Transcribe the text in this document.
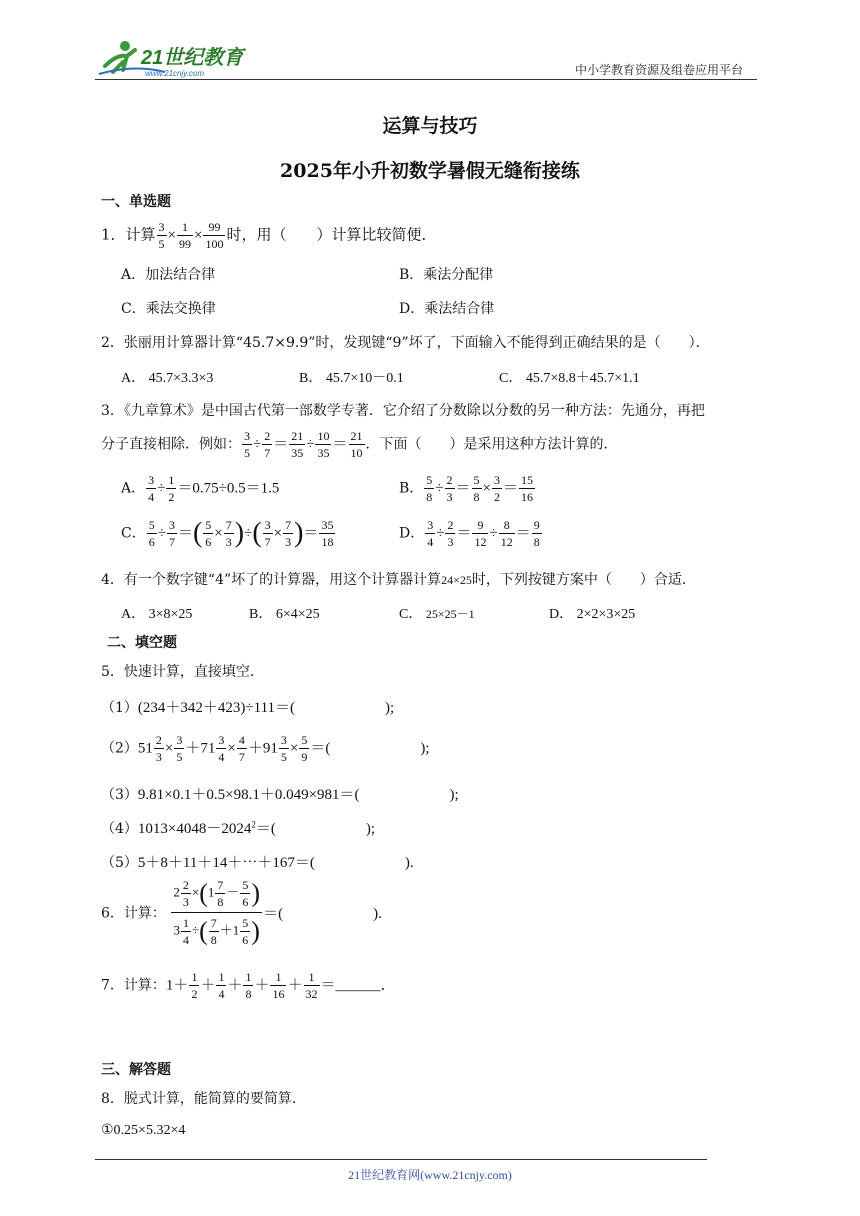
21世纪教育
www.21cnjy.com	中小学教育资源及组卷应用平台
运算与技巧
2025年小升初数学暑假无缝衔接练
一、单选题
1．计算 $\frac{3}{5} \times \frac{1}{99} \times \frac{99}{100}$ 时，用（　　）计算比较简便．
A．加法结合律	B．乘法分配律
C．乘法交换律	D．乘法结合律
2．张丽用计算器计算“45.7×9.9”时，发现键“9”坏了，下面输入不能得到正确结果的是（　　）．
A． 45.7×3.3×3	B． 45.7×10－0.1	C． 45.7×8.8＋45.7×1.1
3．《九章算术》是中国古代第一部数学专著．它介绍了分数除以分数的另一种方法：先通分，再把
分子直接相除．例如： $\frac{3}{5} \div \frac{2}{7} = \frac{21}{35} \div \frac{10}{35} = \frac{21}{10}$ ．下面（　　）是采用这种方法计算的．
A． $\frac{3}{4} \div \frac{1}{2} =0.75\div 0.5=1.5$	B． $\frac{5}{8} \div \frac{2}{3} = \frac{5}{8} \times \frac{3}{2} = \frac{15}{16}$
C． $\frac{5}{6} \div \frac{3}{7}$ ＝( $\frac{5}{6} \times \frac{7}{3}$ )÷( $\frac{3}{7} \times \frac{7}{3}$ )＝ $\frac{35}{18}$	D． $\frac{3}{4} \div \frac{2}{3} = \frac{9}{12} \div \frac{8}{12} = \frac{9}{8}$
4．有一个数字键“4”坏了的计算器，用这个计算器计算24×25时，下列按键方案中（　　）合适．
A． 3×8×25	B． 6×4×25	C． 25×25－1	D． 2×2×3×25
二、填空题
5．快速计算，直接填空．
（1）(234＋342＋423)÷111＝(　　　　　　);
$(2)51 \frac{2}{3} \times \frac{3}{5} +71 \frac{3}{4} \times \frac{4}{7} +91 \frac{3}{5} \times \frac{5}{9}$ ＝(　　　　　　);
（3）9.81×0.1＋0.5×98.1＋0.049×981＝(　　　　　　);
$(4)1013\times 4048-2024^2=$(　　　　　　);
（5）5＋8＋11＋14＋⋯＋167＝(　　　　　　).
6．计算： $\frac{2 \frac{2}{3} \times(1 \frac{7}{8} - \frac{5}{6} )}{3 \frac{1}{4} \div( \frac{7}{8} +1 \frac{5}{6} )}$ ＝(　　　　　　).
7．计算：$1+ \frac{1}{2} + \frac{1}{4} + \frac{1}{8} + \frac{1}{16} + \frac{1}{32}$ ＝______．
三、解答题
8．脱式计算，能简算的要简算．
①0.25×5.32×4
21世纪教育网(www.21cnjy.com)
